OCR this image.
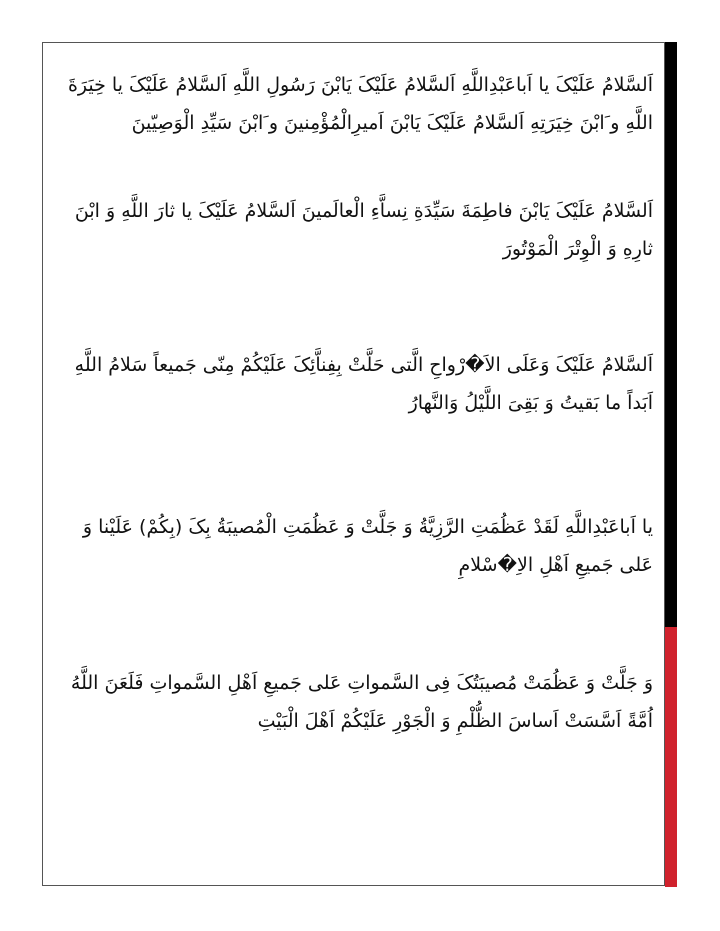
اَلسَّلامُ عَلَيْکَ يا اَباعَبْدِاللَّهِ اَلسَّلامُ عَلَيْکَ يَابْنَ رَسُولِ اللَّهِ اَلسَّلامُ عَلَيْکَ يا خِيَرَةَ اللَّهِ و َابْنَ خِيَرَتِهِ اَلسَّلامُ عَلَيْکَ يَابْنَ اَميرِالْمُؤْمِنينَ و َابْنَ سَيِّدِ الْوَصِيّينَ

اَلسَّلامُ عَلَيْکَ يَابْنَ فاطِمَةَ سَيِّدَةِ نِساَّءِ الْعالَمينَ اَلسَّلامُ عَلَيْکَ يا ثارَ اللَّهِ وَ ابْنَ ثارِهِ وَ الْوِتْرَ الْمَوْتُورَ

اَلسَّلامُ عَلَيْکَ وَعَلَى الاَ�رْواحِ الَّتى حَلَّتْ بِفِناَّئِکَ عَلَيْکُمْ مِنّى جَميعاً سَلامُ اللَّهِ اَبَداً ما بَقيتُ وَ بَقِىَ اللَّيْلُ وَالنَّهارُ

يا اَباعَبْدِاللَّهِ لَقَدْ عَظُمَتِ الرَّزِيَّةُ وَ جَلَّتْ وَ عَظُمَتِ الْمُصيبَةُ بِکَ (بِکُمْ) عَلَيْنا وَ عَلى جَميعِ اَهْلِ الاِ�سْلامِ

وَ جَلَّتْ وَ عَظُمَتْ مُصيبَتُکَ فِى السَّمواتِ عَلى جَميعِ اَهْلِ السَّمواتِ فَلَعَنَ اللَّهُ اُمَّةً اَسَّسَتْ اَساسَ الظُّلْمِ وَ الْجَوْرِ عَلَيْکُمْ اَهْلَ الْبَيْتِ
